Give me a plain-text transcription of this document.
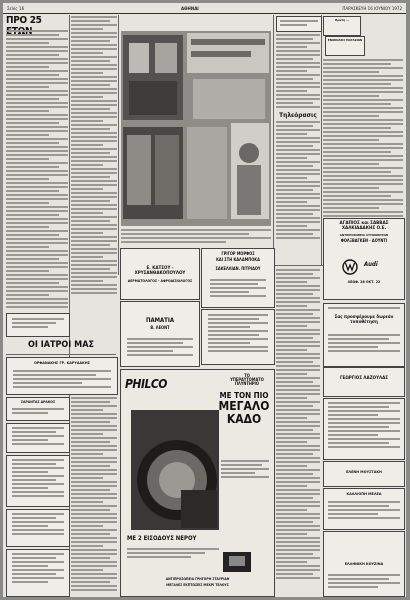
Σελίς 16	ΑΘΗΝΑΙ	ΠΑΡΑΣΚΕΥΗ 16 ΙΟΥΝΙΟΥ 1972
ΠΡΟ 25
Ε. ΚΑΤΣΟΥ - ΧΡΥΣΑΝΘΑΚΟΠΟΥΛΟΥ
ΔΕΡΜΑΤΟΛΟΓΟΣ - ΑΦΡΟΔΙΣΙΟΛΟΓΟΣ
ΓΡΙΓΟΡ ΜΟΡΦΟΣ
ΚΑΙ ΣΤΗ ΚΑΛΑΜΠΟΚΑ
ΣΑΚΕΛΛΙΑΝ. ΠΙΤΡΙΔΟΥ
ΠΑΜΑΤΙΑ
Β. ΛΕΟΝΤ
ΟΙ ΙΑΤΡΟΙ ΜΑΣ
ΟΡΦΑΝΑΚΗΣ ΓΡ. ΚΑΡΥΔΑΚΗΣ
ΣΑΡΑΝΤΑΣ ΔΡΑΚΟΣ
PHILCO
ΤΟ
ΥΠΕΡΑΥΤΟΜΑΤΟ
ΠΛΥΝΤΗΡΙΟ
ΜΕ ΤΟΝ ΠΙΟ
ΜΕΓΑΛΟ
ΚΑΔΟ
ΜΕ 2 ΕΙΣΟΔΟΥΣ ΝΕΡΟΥ
ΑΝΤΙΠΡΟΣΩΠΕΙΑ ΓΡΗΓΟΡΗ ΣΤΑΥΡΙΔΗ
ΜΕΓΑΛΕΣ ΕΚΠΤΩΣΕΙΣ ΜΕΧΡΙ ΤΕΛΟΥΣ
Τηλεόρασις
Πρώτη ...

ΕΝΟΙΚΙΑΣΙΣ ΜΑΓΑΖΙΩΝ
ΑΓΑΠΙΟΣ και ΣΑΒΒΑΣ
ΧΑΛΚΙΑΔΑΚΗΣ Ο.Ε.
ΑΝΤΙΠΡΟΣΩΠΕΙΑ ΑΥΤΟΚΙΝΗΤΩΝ
ΦΟΛΞΒΑΓΚΕΝ · ΑΟΥΝΤΙ
Audi
ΛΕΩΦ. 28 ΟΚΤ. 22
Σας προσφέρουμε δωρεάν τοποθέτηση
ΓΕΩΡΓΙΟΣ ΛΑΖΟΥΛΑΣ
ΕΛΕΝΗ ΜΟΥΣΤΑΚΗ
ΚΑΛΛΙΟΠΗ ΜΕΛΕΑ
ΕΛΛΗΝΙΚΗ ΚΟΥΖΙΝΑ
